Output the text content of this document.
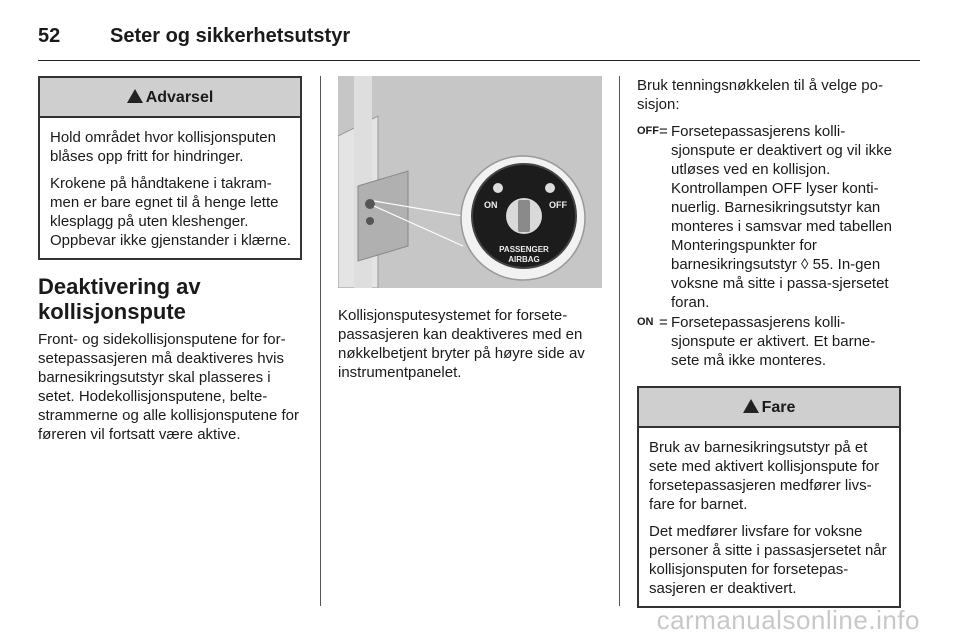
52	Seter og sikkerhetsutstyr
Advarsel

Hold området hvor kollisjonsputen blåses opp fritt for hindringer.

Krokene på håndtakene i takram-men er bare egnet til å henge lette klesplagg på uten kleshenger. Oppbevar ikke gjenstander i klærne.

Deaktivering av kollisjonspute

Front- og sidekollisjonsputene for for-setepassasjeren må deaktiveres hvis barnesikringsutstyr skal plasseres i setet. Hodekollisjonsputene, belte-strammerne og alle kollisjonsputene for føreren vil fortsatt være aktive.

ON	OFF
PASSENGER
AIRBAG

Kollisjonsputesystemet for forsete-passasjeren kan deaktiveres med en nøkkelbetjent bryter på høyre side av instrumentpanelet.

Bruk tenningsnøkkelen til å velge po-sisjon:

OFF = Forsetepassasjerens kolli-sjonspute er deaktivert og vil ikke utløses ved en kollisjon. Kontrollampen OFF lyser konti-nuerlig. Barnesikringsutstyr kan monteres i samsvar med tabellen Monteringspunkter for barnesikringsutstyr ◊ 55. In-gen voksne må sitte i passa-sjersetet foran.
ON = Forsetepassasjerens kolli-sjonspute er aktivert. Et barne-sete må ikke monteres.
Fare

Bruk av barnesikringsutstyr på et sete med aktivert kollisjonspute for forsetepassasjeren medfører livs-fare for barnet.

Det medfører livsfare for voksne personer å sitte i passasjersetet når kollisjonsputen for forsetepas-sasjeren er deaktivert.

carmanualsonline.info
